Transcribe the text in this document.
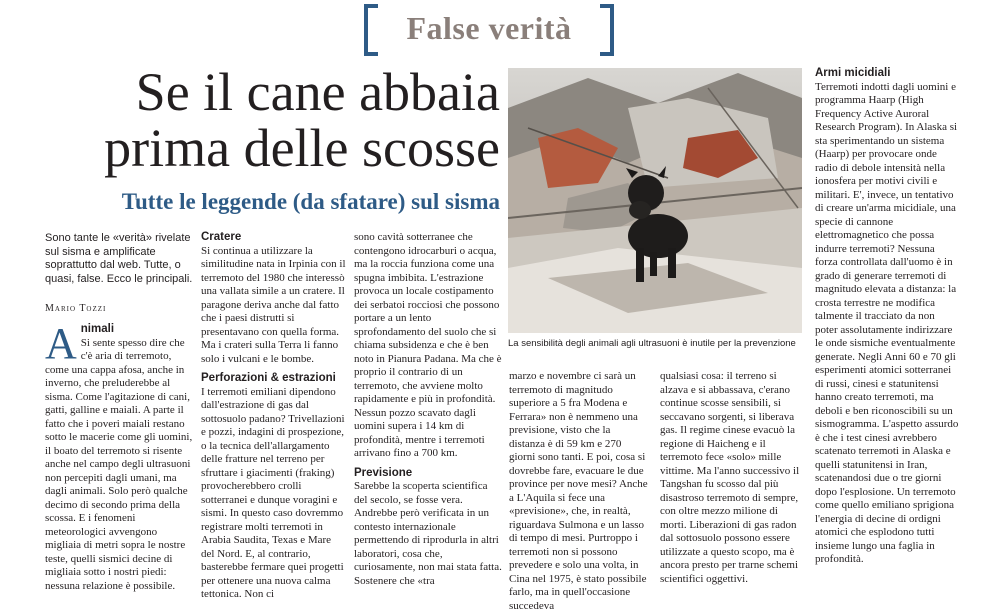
False verità
Se il cane abbaia
prima delle scosse
Tutte le leggende (da sfatare) sul sisma
Sono tante le «verità» rivelate sul sisma e amplificate soprattutto dal web. Tutte, o quasi, false. Ecco le principali.
Mario Tozzi
A nimali

Si sente spesso dire che c'è aria di terremoto, come una cappa afosa, anche in inverno, che preluderebbe al sisma. Come l'agitazione di cani, gatti, galline e maiali. A parte il fatto che i poveri maiali restano sotto le macerie come gli uomini, il boato del terremoto si risente anche nel campo degli ultrasuoni non percepiti dagli umani, ma dagli animali. Solo però qualche decimo di secondo prima della scossa. E i fenomeni meteorologici avvengono migliaia di metri sopra le nostre teste, quelli sismici decine di migliaia sotto i nostri piedi: nessuna relazione è possibile.

Cratere

Si continua a utilizzare la similitudine nata in Irpinia con il terremoto del 1980 che interessò una vallata simile a un cratere. Il paragone deriva anche dal fatto che i paesi distrutti si presentavano con quella forma. Ma i crateri sulla Terra li fanno solo i vulcani e le bombe.

Perforazioni & estrazioni

I terremoti emiliani dipendono dall'estrazione di gas dal sottosuolo padano? Trivellazioni e pozzi, indagini di prospezione, o la tecnica dell'allargamento delle fratture nel terreno per sfruttare i giacimenti (fraking) provocherebbero crolli sotterranei e dunque voragini e sismi. In questo caso dovremmo registrare molti terremoti in Arabia Saudita, Texas e Mare del Nord. E, al contrario, basterebbe fermare quei progetti per ottenere una nuova calma tettonica. Non ci

sono cavità sotterranee che contengono idrocarburi o acqua, ma la roccia funziona come una spugna imbibita. L'estrazione provoca un locale costipamento dei serbatoi rocciosi che possono portare a un lento sprofondamento del suolo che si chiama subsidenza e che è ben noto in Pianura Padana. Ma che è proprio il contrario di un terremoto, che avviene molto rapidamente e più in profondità. Nessun pozzo scavato dagli uomini supera i 14 km di profondità, mentre i terremoti arrivano fino a 700 km.

Previsione

Sarebbe la scoperta scientifica del secolo, se fosse vera. Andrebbe però verificata in un contesto internazionale permettendo di riprodurla in altri laboratori, cosa che, curiosamente, non mai stata fatta. Sostenere che «tra

La sensibilità degli animali agli ultrasuoni è inutile per la prevenzione

marzo e novembre ci sarà un terremoto di magnitudo superiore a 5 fra Modena e Ferrara» non è nemmeno una previsione, visto che la distanza è di 59 km e 270 giorni sono tanti. E poi, cosa si dovrebbe fare, evacuare le due province per nove mesi? Anche a L'Aquila si fece una «previsione», che, in realtà, riguardava Sulmona e un lasso di tempo di mesi. Purtroppo i terremoti non si possono prevedere e solo una volta, in Cina nel 1975, è stato possibile farlo, ma in quell'occasione succedeva

qualsiasi cosa: il terreno si alzava e si abbassava, c'erano continue scosse sensibili, si seccavano sorgenti, si liberava gas. Il regime cinese evacuò la regione di Haicheng e il terremoto fece «solo» mille vittime. Ma l'anno successivo il Tangshan fu scosso dal più disastroso terremoto di sempre, con oltre mezzo milione di morti. Liberazioni di gas radon dal sottosuolo possono essere utilizzate a questo scopo, ma è ancora presto per trarne schemi scientifici oggettivi.

Armi micidiali

Terremoti indotti dagli uomini e programma Haarp (High Frequency Active Auroral Research Program). In Alaska si sta sperimentando un sistema (Haarp) per provocare onde radio di debole intensità nella ionosfera per motivi civili e militari. E', invece, un tentativo di creare un'arma micidiale, una specie di cannone elettromagnetico che possa indurre terremoti? Nessuna forza controllata dall'uomo è in grado di generare terremoti di magnitudo elevata a distanza: la crosta terrestre ne modifica talmente il tracciato da non poter assolutamente indirizzare le onde sismiche eventualmente generate. Negli Anni 60 e 70 gli esperimenti atomici sotterranei di russi, cinesi e statunitensi hanno creato terremoti, ma deboli e ben riconoscibili su un sismogramma. L'aspetto assurdo è che i test cinesi avrebbero scatenato terremoti in Alaska e quelli statunitensi in Iran, scatenandosi due o tre giorni dopo l'esplosione. Un terremoto come quello emiliano sprigiona l'energia di decine di ordigni atomici che esplodono tutti insieme lungo una faglia in profondità.
